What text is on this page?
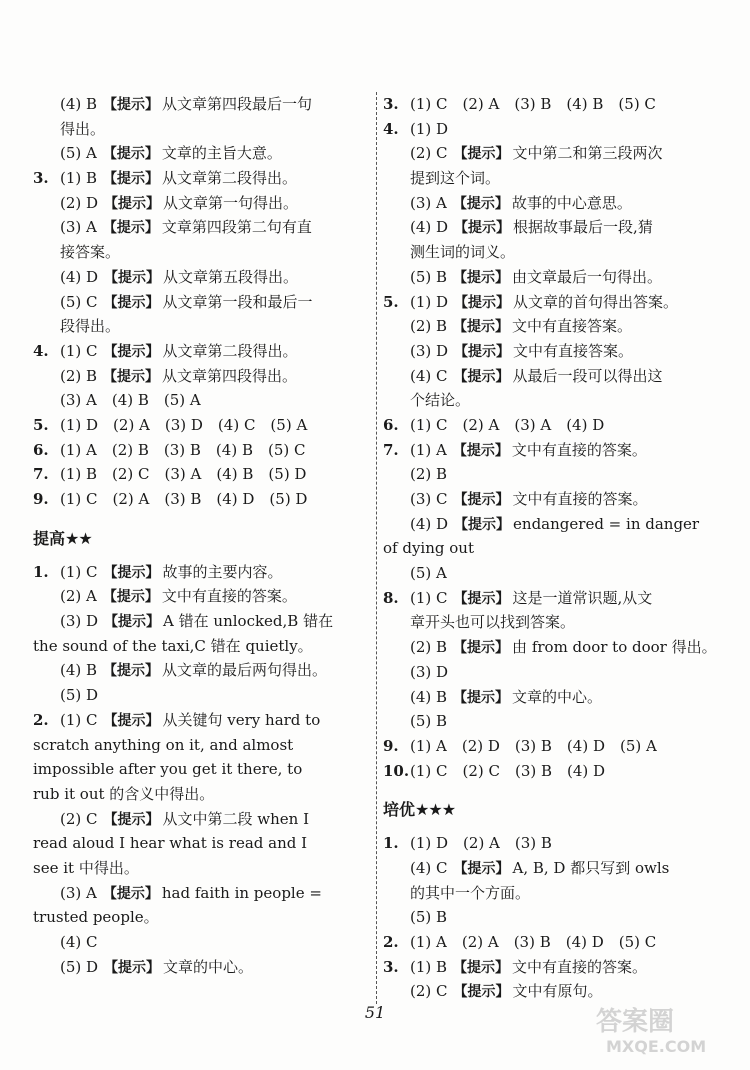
(4) B 【提示】 从文章第四段最后一句
得出。
(5) A 【提示】 文章的主旨大意。
3. (1) B 【提示】 从文章第二段得出。
(2) D 【提示】 从文章第一句得出。
(3) A 【提示】 文章第四段第二句有直
接答案。
(4) D 【提示】 从文章第五段得出。
(5) C 【提示】 从文章第一段和最后一
段得出。
4. (1) C 【提示】 从文章第二段得出。
(2) B 【提示】 从文章第四段得出。
(3) A　(4) B　(5) A
5. (1) D　(2) A　(3) D　(4) C　(5) A
6. (1) A　(2) B　(3) B　(4) B　(5) C
7. (1) B　(2) C　(3) A　(4) B　(5) D
9. (1) C　(2) A　(3) B　(4) D　(5) D
提高★★
1. (1) C 【提示】 故事的主要内容。
(2) A 【提示】 文中有直接的答案。
(3) D 【提示】 A 错在 unlocked,B 错在
the sound of the taxi,C 错在 quietly。
(4) B 【提示】 从文章的最后两句得出。
(5) D
2. (1) C 【提示】 从关键句 very hard to
scratch anything on it, and almost
impossible after you get it there, to
rub it out 的含义中得出。
(2) C 【提示】 从文中第二段 when I
read aloud I hear what is read and I
see it 中得出。
(3) A 【提示】 had faith in people =
trusted people。
(4) C
(5) D 【提示】 文章的中心。
3. (1) C　(2) A　(3) B　(4) B　(5) C
4. (1) D
(2) C 【提示】 文中第二和第三段两次
提到这个词。
(3) A 【提示】 故事的中心意思。
(4) D 【提示】 根据故事最后一段,猜
测生词的词义。
(5) B 【提示】 由文章最后一句得出。
5. (1) D 【提示】 从文章的首句得出答案。
(2) B 【提示】 文中有直接答案。
(3) D 【提示】 文中有直接答案。
(4) C 【提示】 从最后一段可以得出这
个结论。
6. (1) C　(2) A　(3) A　(4) D
7. (1) A 【提示】 文中有直接的答案。
(2) B
(3) C 【提示】 文中有直接的答案。
(4) D 【提示】 endangered = in danger
of dying out
(5) A
8. (1) C 【提示】 这是一道常识题,从文
章开头也可以找到答案。
(2) B 【提示】 由 from door to door 得出。
(3) D
(4) B 【提示】 文章的中心。
(5) B
9. (1) A　(2) D　(3) B　(4) D　(5) A
10.(1) C　(2) C　(3) B　(4) D
培优★★★
1. (1) D　(2) A　(3) B
(4) C 【提示】 A, B, D 都只写到 owls
的其中一个方面。
(5) B
2. (1) A　(2) A　(3) B　(4) D　(5) C
3. (1) B 【提示】 文中有直接的答案。
(2) C 【提示】 文中有原句。
51	答案圈
MXQE.COM
